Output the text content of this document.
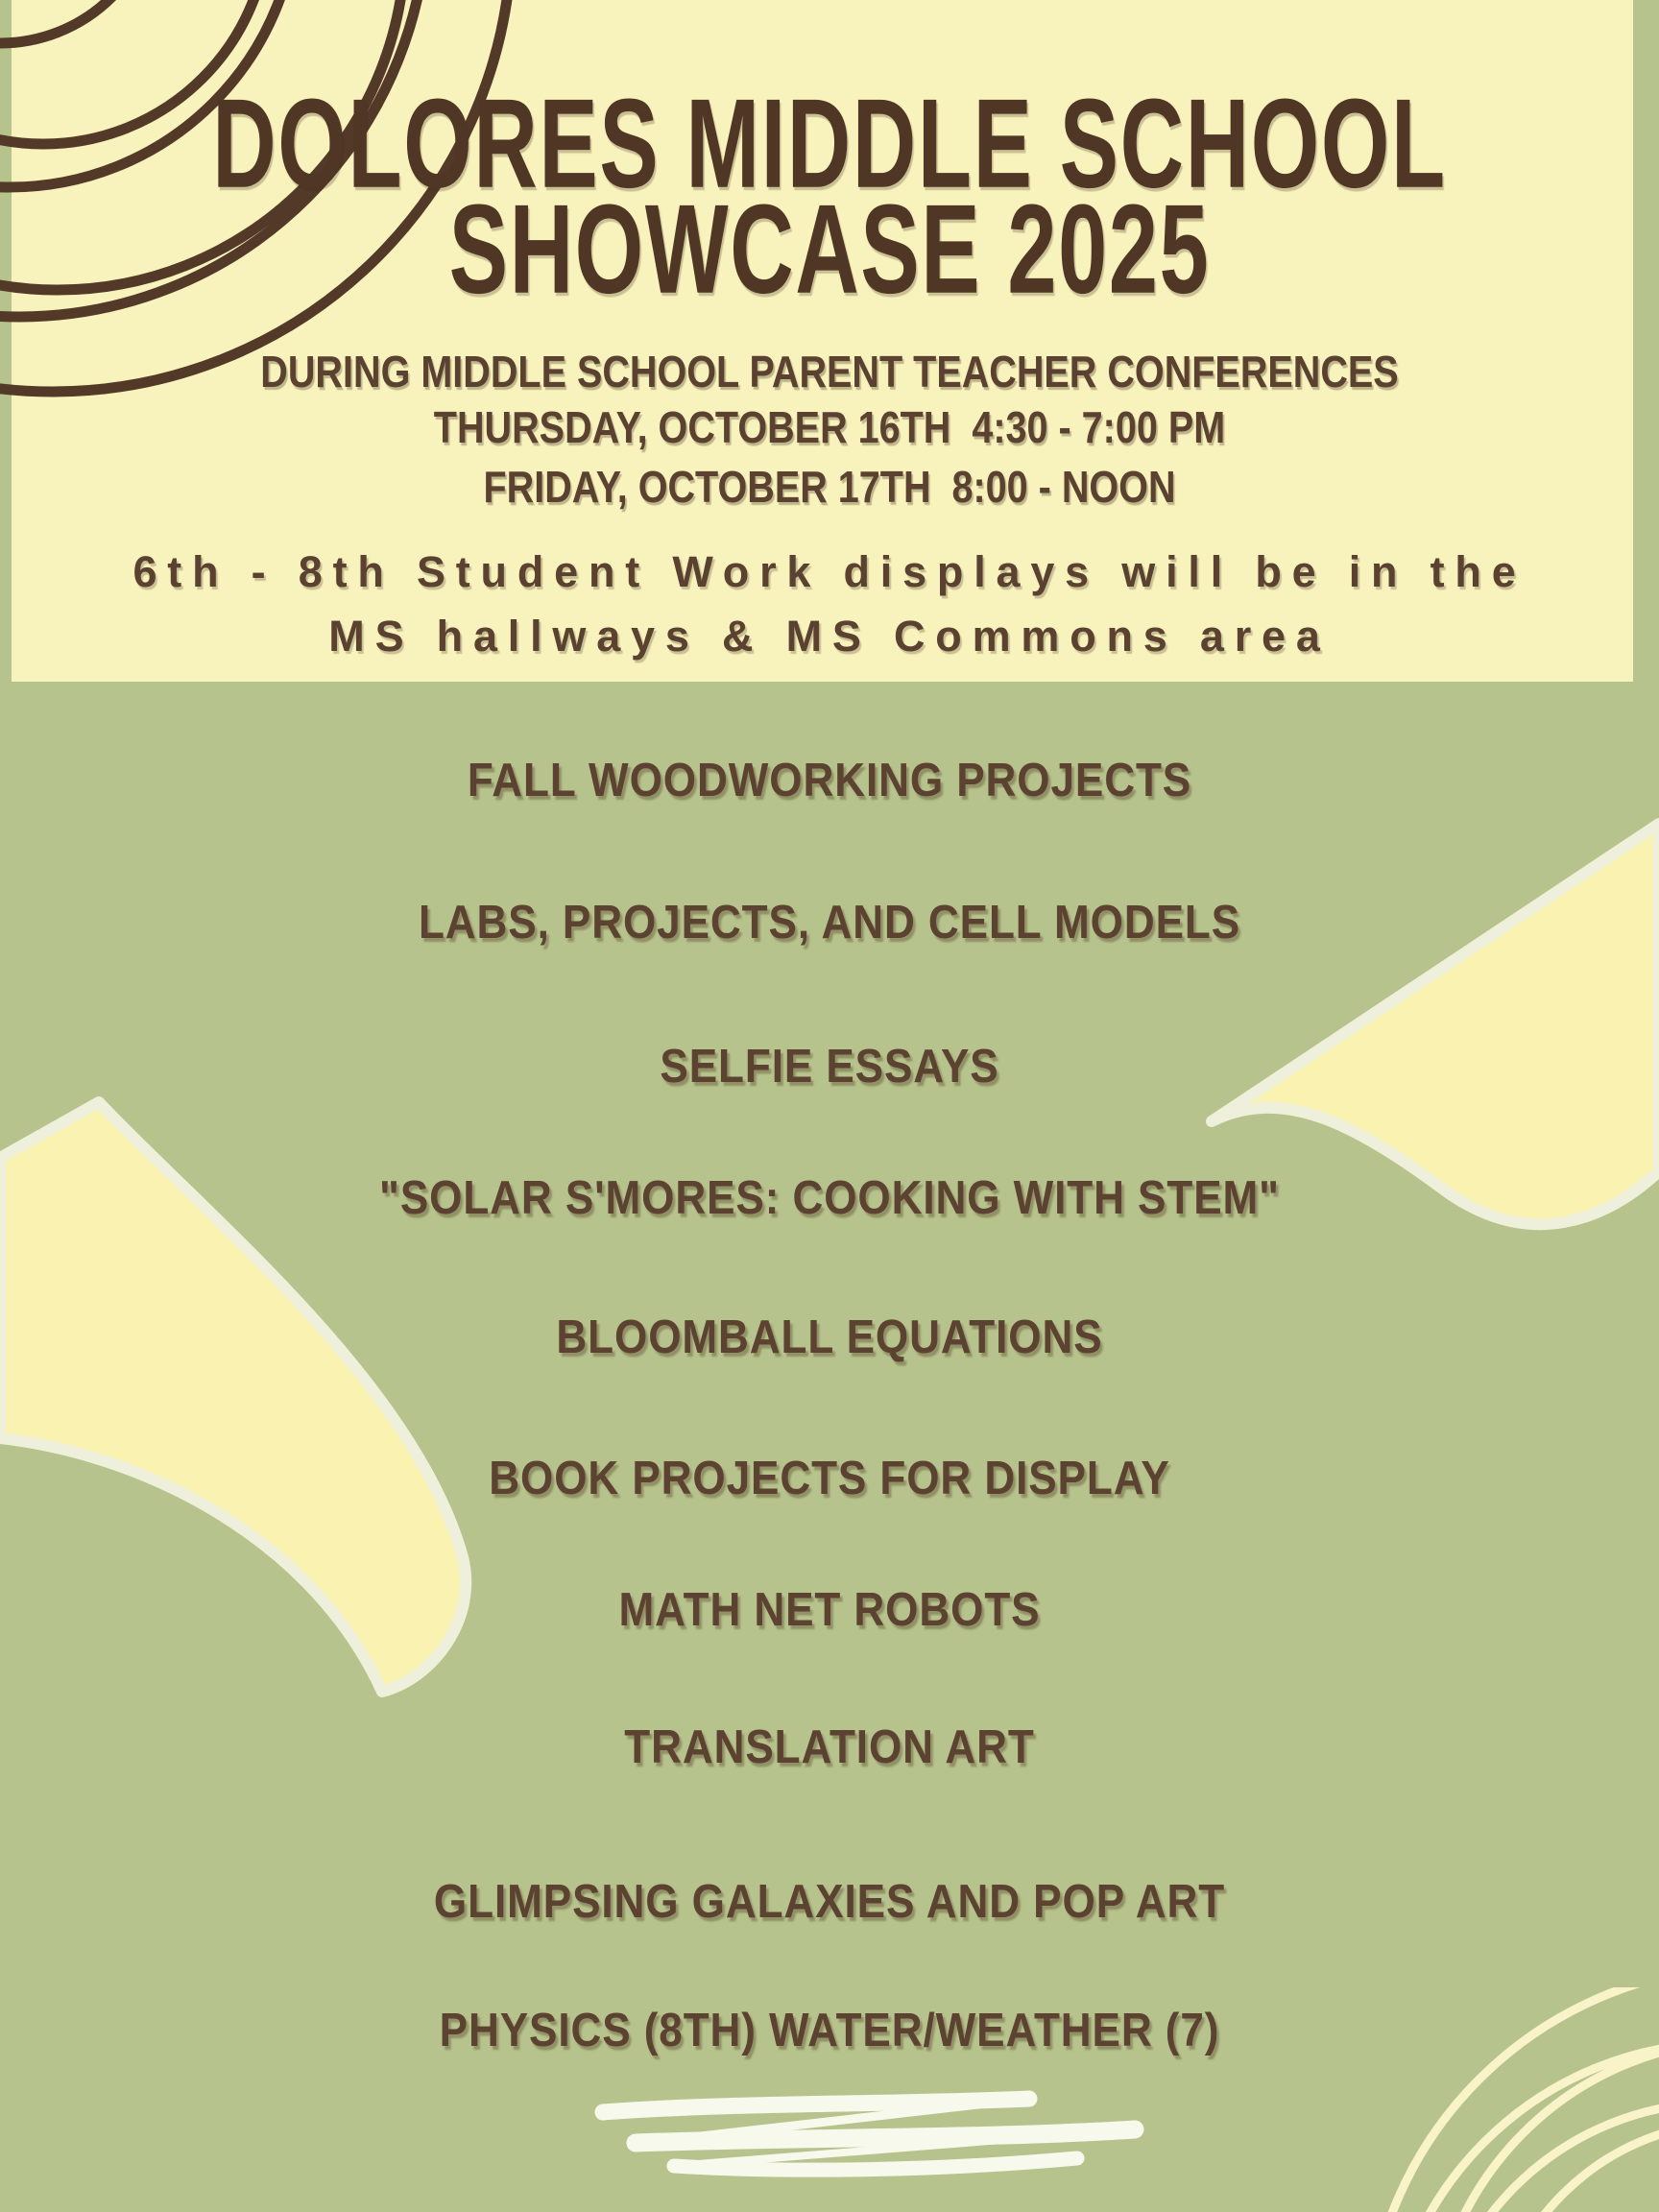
DOLORES MIDDLE SCHOOL
SHOWCASE 2025
DURING MIDDLE SCHOOL PARENT TEACHER CONFERENCES
THURSDAY, OCTOBER 16TH  4:30 - 7:00 PM
FRIDAY, OCTOBER 17TH  8:00 - NOON
6th - 8th Student Work displays will be in the
MS hallways & MS Commons area
FALL WOODWORKING PROJECTS
LABS, PROJECTS, AND CELL MODELS
SELFIE ESSAYS
"SOLAR S'MORES: COOKING WITH STEM"
BLOOMBALL EQUATIONS
BOOK PROJECTS FOR DISPLAY
MATH NET ROBOTS
TRANSLATION ART
GLIMPSING GALAXIES AND POP ART
PHYSICS (8TH) WATER/WEATHER (7)
